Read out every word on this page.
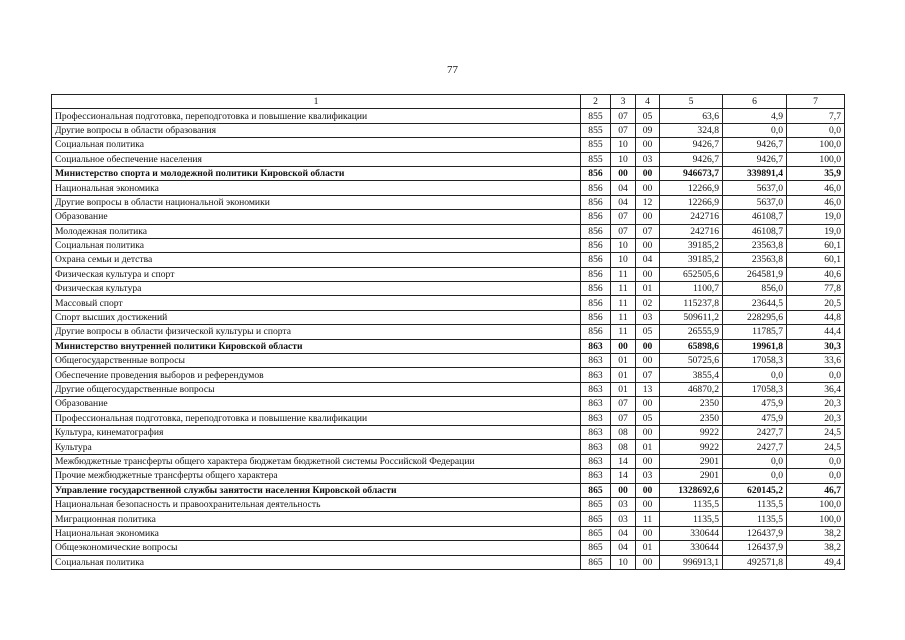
77
1	2	3	4	5	6	7
Профессиональная подготовка, переподготовка и повышение квалификации	855	07	05	63,6	4,9	7,7
Другие вопросы в области образования	855	07	09	324,8	0,0	0,0
Социальная политика	855	10	00	9426,7	9426,7	100,0
Социальное обеспечение населения	855	10	03	9426,7	9426,7	100,0
Министерство спорта и молодежной политики Кировской области	856	00	00	946673,7	339891,4	35,9
Национальная экономика	856	04	00	12266,9	5637,0	46,0
Другие вопросы в области национальной экономики	856	04	12	12266,9	5637,0	46,0
Образование	856	07	00	242716	46108,7	19,0
Молодежная политика	856	07	07	242716	46108,7	19,0
Социальная политика	856	10	00	39185,2	23563,8	60,1
Охрана семьи и детства	856	10	04	39185,2	23563,8	60,1
Физическая культура и спорт	856	11	00	652505,6	264581,9	40,6
Физическая культура	856	11	01	1100,7	856,0	77,8
Массовый спорт	856	11	02	115237,8	23644,5	20,5
Спорт высших достижений	856	11	03	509611,2	228295,6	44,8
Другие вопросы в области физической культуры и спорта	856	11	05	26555,9	11785,7	44,4
Министерство внутренней политики Кировской области	863	00	00	65898,6	19961,8	30,3
Общегосударственные вопросы	863	01	00	50725,6	17058,3	33,6
Обеспечение проведения выборов и референдумов	863	01	07	3855,4	0,0	0,0
Другие общегосударственные вопросы	863	01	13	46870,2	17058,3	36,4
Образование	863	07	00	2350	475,9	20,3
Профессиональная подготовка, переподготовка и повышение квалификации	863	07	05	2350	475,9	20,3
Культура, кинематография	863	08	00	9922	2427,7	24,5
Культура	863	08	01	9922	2427,7	24,5
Межбюджетные трансферты общего характера бюджетам бюджетной системы Российской Федерации	863	14	00	2901	0,0	0,0
Прочие межбюджетные трансферты общего характера	863	14	03	2901	0,0	0,0
Управление государственной службы занятости населения Кировской области	865	00	00	1328692,6	620145,2	46,7
Национальная безопасность и правоохранительная деятельность	865	03	00	1135,5	1135,5	100,0
Миграционная политика	865	03	11	1135,5	1135,5	100,0
Национальная экономика	865	04	00	330644	126437,9	38,2
Общеэкономические вопросы	865	04	01	330644	126437,9	38,2
Социальная политика	865	10	00	996913,1	492571,8	49,4
